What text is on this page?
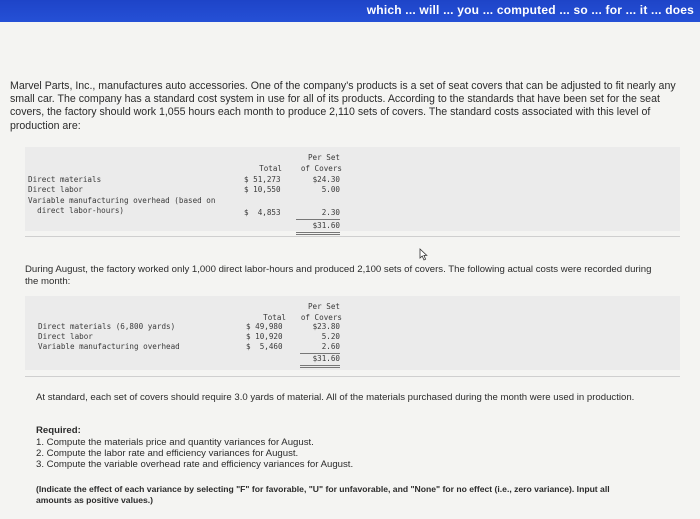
which ... will ... you ... computed ... so ... for ... it ... does
Marvel Parts, Inc., manufactures auto accessories. One of the company's products is a set of seat covers that can be adjusted to fit nearly any small car. The company has a standard cost system in use for all of its products. According to the standards that have been set for the seat covers, the factory should work 1,055 hours each month to produce 2,110 sets of covers. The standard costs associated with this level of production are:
Per Set
Total	of Covers
Direct materials	$ 51,273	$24.30
Direct labor	$ 10,550	5.00
Variable manufacturing overhead (based on
direct labor-hours)	$  4,853	2.30
$31.60
During August, the factory worked only 1,000 direct labor-hours and produced 2,100 sets of covers. The following actual costs were recorded during the month:
Per Set
Total	of Covers
Direct materials (6,800 yards)	$ 49,980	$23.80
Direct labor	$ 10,920	5.20
Variable manufacturing overhead	$  5,460	2.60
$31.60
At standard, each set of covers should require 3.0 yards of material. All of the materials purchased during the month were used in production.
Required:
1. Compute the materials price and quantity variances for August.
2. Compute the labor rate and efficiency variances for August.
3. Compute the variable overhead rate and efficiency variances for August.
(Indicate the effect of each variance by selecting "F" for favorable, "U" for unfavorable, and "None" for no effect (i.e., zero variance). Input all amounts as positive values.)
